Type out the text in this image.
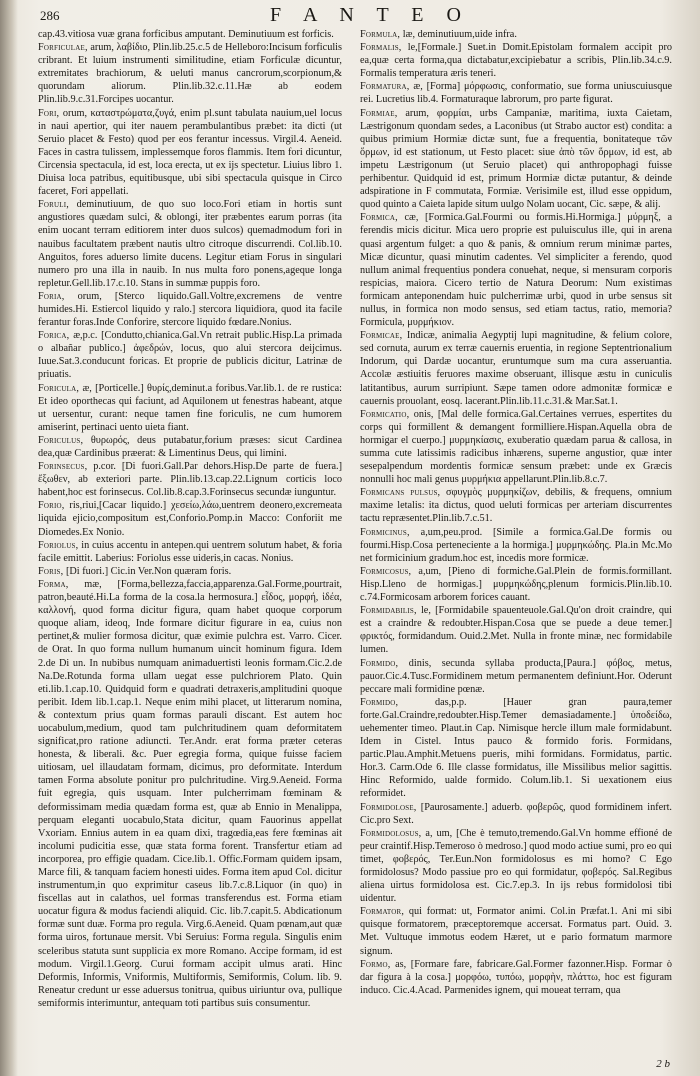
286	F A N T E O

cap.43.vitiosa vuæ grana forficibus amputant. Deminutiuum est forficis.

Forficulae, arum, λαβίδιο, Plin.lib.25.c.5 de Helleboro:Incisum forficulis cribrant. Et luium instrumenti similitudine, etiam Forficulæ dicuntur, extremitates brachiorum, & ueluti manus cancrorum,scorpionum,& quorundam aliorum. Plin.lib.32.c.11.Hæ ab eodem Plin.lib.9.c.31.Forcipes uocantur.

Fori, orum, καταστρώματα,ζυγά, enim pl.sunt tabulata nauium,uel locus in naui apertior, qui iter nauem perambulantibus præbet: ita dicti (ut Seruio placet & Festo) quod per eos ferantur incessus. Virgil.4. Aeneid. Faces in castra tulissem, implessemque foros flammis. Item fori dicuntur, Circensia spectacula, id est, loca erecta, ut ex ijs spectetur. Liuius libro 1. Diuisa loca patribus, equitibusque, ubi sibi spectacula quisque in Circo faceret, Fori appellati.

Foruli, deminutiuum, de quo suo loco.Fori etiam in hortis sunt angustiores quædam sulci, & oblongi, iter præbentes earum porras (ita enim uocant terram editiorem inter duos sulcos) quemadmodum fori in nauibus facultatem præbent nautis ultro citroque discurrendi. Col.lib.10. Anguitos, fores aduerso limite ducens. Legitur etiam Forus in singulari numero pro una illa in nauib. In nus multa foro ponens,ageque longa repletur.Gell.lib.17.c.10. Stans in summæ puppis foro.

Foria, orum, [Sterco liquido.Gall.Voltre,excremens de ventre humides.Hi. Estiercol liquido y ralo.] stercora liquidiora, quod ita facile ferantur foras.Inde Conforire, stercore liquido fœdare.Nonius.

Forica, æ,p.c. [Condutto,chianica.Gal.Vn retrait public.Hisp.La primada o albañar publico.] ἀφεδρών, locus, quo alui stercora deijcimus. Iuue.Sat.3.conducunt foricas. Et proprie de publicis dicitur, Latrinæ de priuatis.

Foricula, æ, [Porticelle.] θυρίς,deminut.a foribus.Var.lib.1. de re rustica: Et ideo oporthecas qui faciunt, ad Aquilonem ut fenestras habeant, atque ut uersentur, curant: neque tamen fine foriculis, ne cum humorem amiserint, pertinaci uento uieta fiant.

Foriculus, θυρωρός, deus putabatur,forium præses: sicut Cardinea dea,quæ Cardinibus præerat: & Limentinus Deus, qui limini.

Forinsecus, p.cor. [Di fuori.Gall.Par dehors.Hisp.De parte de fuera.] ἔξωθεν, ab exteriori parte. Plin.lib.13.cap.22.Lignum corticis loco habent,hoc est forinsecus. Col.lib.8.cap.3.Forinsecus secundæ iunguntur.

Forio, ris,riui,[Cacar liquido.] χεσείω,λάω,uentrem deonero,excremeata liquida ejicio,compositum est,Conforio.Pomp.in Macco: Conforiit me Diomedes.Ex Nonio.

Foriolus, in cuius accentu in antepen.qui uentrem solutum habet, & foria facile emittit. Laberius: Foriolus esse uideris,in cacas. Nonius.

Foris, [Di fuori.] Cic.in Ver.Non quæram foris.

Forma, mæ, [Forma,bellezza,faccia,apparenza.Gal.Forme,pourtrait, patron,beauté.Hi.La forma de la cosa.la hermosura.] εἶδος, μορφή, ἰδέα, καλλονή, quod forma dicitur figura, quam habet quoque corporum quoque aliam, ideoq, Inde formare dicitur figurare in ea, cuius non pertinet,& mulier formosa dicitur, quæ eximie pulchra est. Varro. Cicer. de Orat. In quo forma nullum humanum uincit hominum figura. Idem 2.de Di un. In nubibus numquam animaduertisti leonis formam.Cic.2.de Na.De.Rotunda forma ullam uegat esse pulchriorem Plato. Quin eti.lib.1.cap.10. Quidquid form e quadrati detraxeris,amplitudini quoque peribit. Idem lib.1.cap.1. Neque enim mihi placet, ut litterarum nomina, & contextum prius quam formas parauli discant. Est autem hoc uocabulum,medium, quod tam pulchritudinem quam deformitatem significat,pro ratione adiuncti. Ter.Andr. erat forma præter ceteras honesta, & liberali. &c. Puer egregia forma, quique fuisse faciem uitiosam, uel illaudatam formam, dicimus, pro deformitate. Interdum tamen Forma absolute ponitur pro pulchritudine. Virg.9.Aeneid. Forma fuit egregia, quis usquam. Inter pulcherrimam fœminam & deformissimam media quædam forma est, quæ ab Ennio in Menalippa, perquam eleganti uocabulo,Stata dicitur, quam Fauorinus appellat Vxoriam. Ennius autem in ea quam dixi, tragœdia,eas fere fœminas ait incolumi pudicitia esse, quæ stata forma forent. Transfertur etiam ad incorporea, pro effigie quadam. Cice.lib.1. Offic.Formam quidem ipsam, Marce fili, & tanquam faciem honesti uides. Forma item apud Col. dicitur instrumentum,in quo exprimitur caseus lib.7.c.8.Liquor (in quo) in fiscellas aut in calathos, uel formas transferendus est. Forma etiam uocatur figura & modus faciendi aliquid. Cic. lib.7.capit.5. Abdicationum formæ sunt duæ. Forma pro regula. Virg.6.Aeneid. Quam pœnam,aut quæ forma uiros, fortunaue mersit. Vbi Seruius: Forma regula. Singulis enim sceleribus statuta sunt supplicia ex more Romano. Accipe formam, id est modum. Virgil.1.Georg. Curui formam accipit ulmus arati. Hinc Deformis, Informis, Vniformis, Multiformis, Semiformis, Colum. lib. 9. Reneatur credunt ur esse aduersus tonitrua, quibus uiriuntur ova, pullique semiformis interimuntur, antequam toti partibus suis consumentur.

Formula, læ, deminutiuum,uide infra.

Formalis, le,[Formale.] Suet.in Domit.Epistolam formalem accipit pro ea,quæ certa forma,qua dictabatur,excipiebatur a scribis, Plin.lib.34.c.9. Formalis temperatura æris teneri.

Formatura, æ, [Forma] μόρφωσις, conformatio, sue forma uniuscuiusque rei. Lucretius lib.4. Formaturaque labrorum, pro parte figurat.

Formiae, arum, φορμίαι, urbs Campaniæ, maritima, iuxta Caietam, Læstrigonum quondam sedes, a Laconibus (ut Strabo auctor est) condita: a quibus primium Hormiæ dictæ sunt, fue a frequentia, bonitateque τῶν ὅρμων, id est stationum, ut Festo placet: siue ἀπὸ τῶν ὅρμων, id est, ab impetu Læstrigonum (ut Seruio placet) qui anthropophagi fuisse perhibentur. Quidquid id est, primum Hormiæ dictæ putantur, & deinde adspiratione in F commutata, Formiæ. Verisimile est, illud esse oppidum, quod quinto a Caieta lapide situm uulgo Nolam uocant, Cic. sæpe, & alij.

Formica, cæ, [Formica.Gal.Fourmi ou formis.Hi.Hormiga.] μύρμηξ, a ferendis micis dicitur. Mica uero proprie est puluisculus ille, qui in arena quasi argentum fulget: a quo & panis, & omnium rerum minimæ partes, Micæ dicuntur, quasi minutim cadentes. Vel simpliciter a ferendo, quod nullum animal frequentius pondera conuehat, neque, si mensuram corporis respicias, maiora. Cicero tertio de Natura Deorum: Num existimas formicam anteponendam huic pulcherrimæ urbi, quod in urbe sensus sit nullus, in formica non modo sensus, sed etiam tactus, ratio, memoria? Formicula, μυρμήκιον.

Formicae, Indicæ, animalia Aegyptij lupi magnitudine, & felium colore, sed cornuta, aurum ex terræ cauernis eruentia, in regione Septentrionalium Indorum, qui Dardæ uocantur, eruntumque sum ma cura asseruantia. Accolæ æstiuitis feruores maxime obseruant, illisque æstu in cuniculis latitantibus, aurum surripiunt. Sæpe tamen odore admonitæ formicæ e cauernis prouolant, eosq. lacerant.Plin.lib.11.c.31.& Mar.Sat.1.

Formicatio, onis, [Mal delle formica.Gal.Certaines verrues, espertites du corps qui formillent & demangent formilliere.Hispan.Aquella obra de hormigar el cuerpo.] μυρμηκίασις, exuberatio quædam parua & callosa, in summa cute latissimis radicibus inhærens, superne angustior, quæ inter sesepalpendum mordentis formicæ sensum præbet: unde ex Græcis nonnulli hoc mali genus μυρμήκια appellarunt.Plin.lib.8.c.7.

Formicans pulsus, σφυγμὸς μυρμηκίζων, debilis, & frequens, omnium maxime letalis: ita dictus, quod ueluti formicas per arteriam discurrentes tactu repræsentet.Plin.lib.7.c.51.

Formicinus, a,um,peu.prod. [Simile a formica.Gal.De formis ou fourmi.Hisp.Cosa perteneciente a la hormiga.] μυρμηκώδης. Pla.in Mc.Mo net formicinium gradum.hoc est, incedis more formicæ.

Formicosus, a,um, [Pieno di formiche.Gal.Plein de formis.formillant. Hisp.Lleno de hormigas.] μυρμηκώδης,plenum formicis.Plin.lib.10. c.74.Formicosam arborem forices cauant.

Formidabilis, le, [Formidabile spauenteuole.Gal.Qu'on droit craindre, qui est a craindre & redoubter.Hispan.Cosa que se puede a deue temer.] φρικτός, formidandum. Ouid.2.Met. Nulla in fronte minæ, nec formidabile lumen.

Formido, dinis, secunda syllaba producta,[Paura.] φόβος, metus, pauor.Cic.4.Tusc.Formidinem metum permanentem definiunt.Hor. Oderunt peccare mali formidine pœnæ.

Formido,	das,p.p. [Hauer gran paura,temer forte.Gal.Craindre,redoubter.Hisp.Temer demasiadamente.] ὑποδείδω, uehementer timeo. Plaut.in Cap. Nimisque hercle illum male formidabunt. Idem in Cistel. Intus pauco & formido foris. Formidans, partic.Plau.Amphit.Metuens pueris, mihi formidans. Formidatus, partic. Hor.3. Carm.Ode 6. Ille classe formidatus, ille Missilibus melior sagittis. Hinc Reformido, ualde formido. Colum.lib.1. Si uexationem eius reformidet.

Formidolose, [Paurosamente.] aduerb. φοβερῶς, quod formidinem infert. Cic.pro Sext.

Formidolosus, a, um, [Che è temuto,tremendo.Gal.Vn homme effioné de peur craintif.Hisp.Temeroso ò medroso.] quod modo actiue sumi, pro eo qui timet, φοβερός, Ter.Eun.Non formidolosus es mi homo? C Ego formidolosus? Modo passiue pro eo qui formidatur, φοβερός. Sal.Regibus aliena uirtus formidolosa est. Cic.7.ep.3. In ijs rebus formidolosi tibi uidentur.

Formator, qui format: ut, Formator animi. Col.in Præfat.1. Ani mi sibi quisque formatorem, præceptoremque accersat. Formatus part. Ouid. 3. Met. Vultuque immotus eodem Hæret, ut e pario formatum marmore signum.

Formo, as, [Formare fare, fabricare.Gal.Former fazonner.Hisp. Formar ò dar figura à la cosa.] μορφόω, τυπόω, μορφὴν, πλάττω, hoc est figuram induco. Cic.4.Acad. Parmenides ignem, qui moueat terram, qua

2 b
